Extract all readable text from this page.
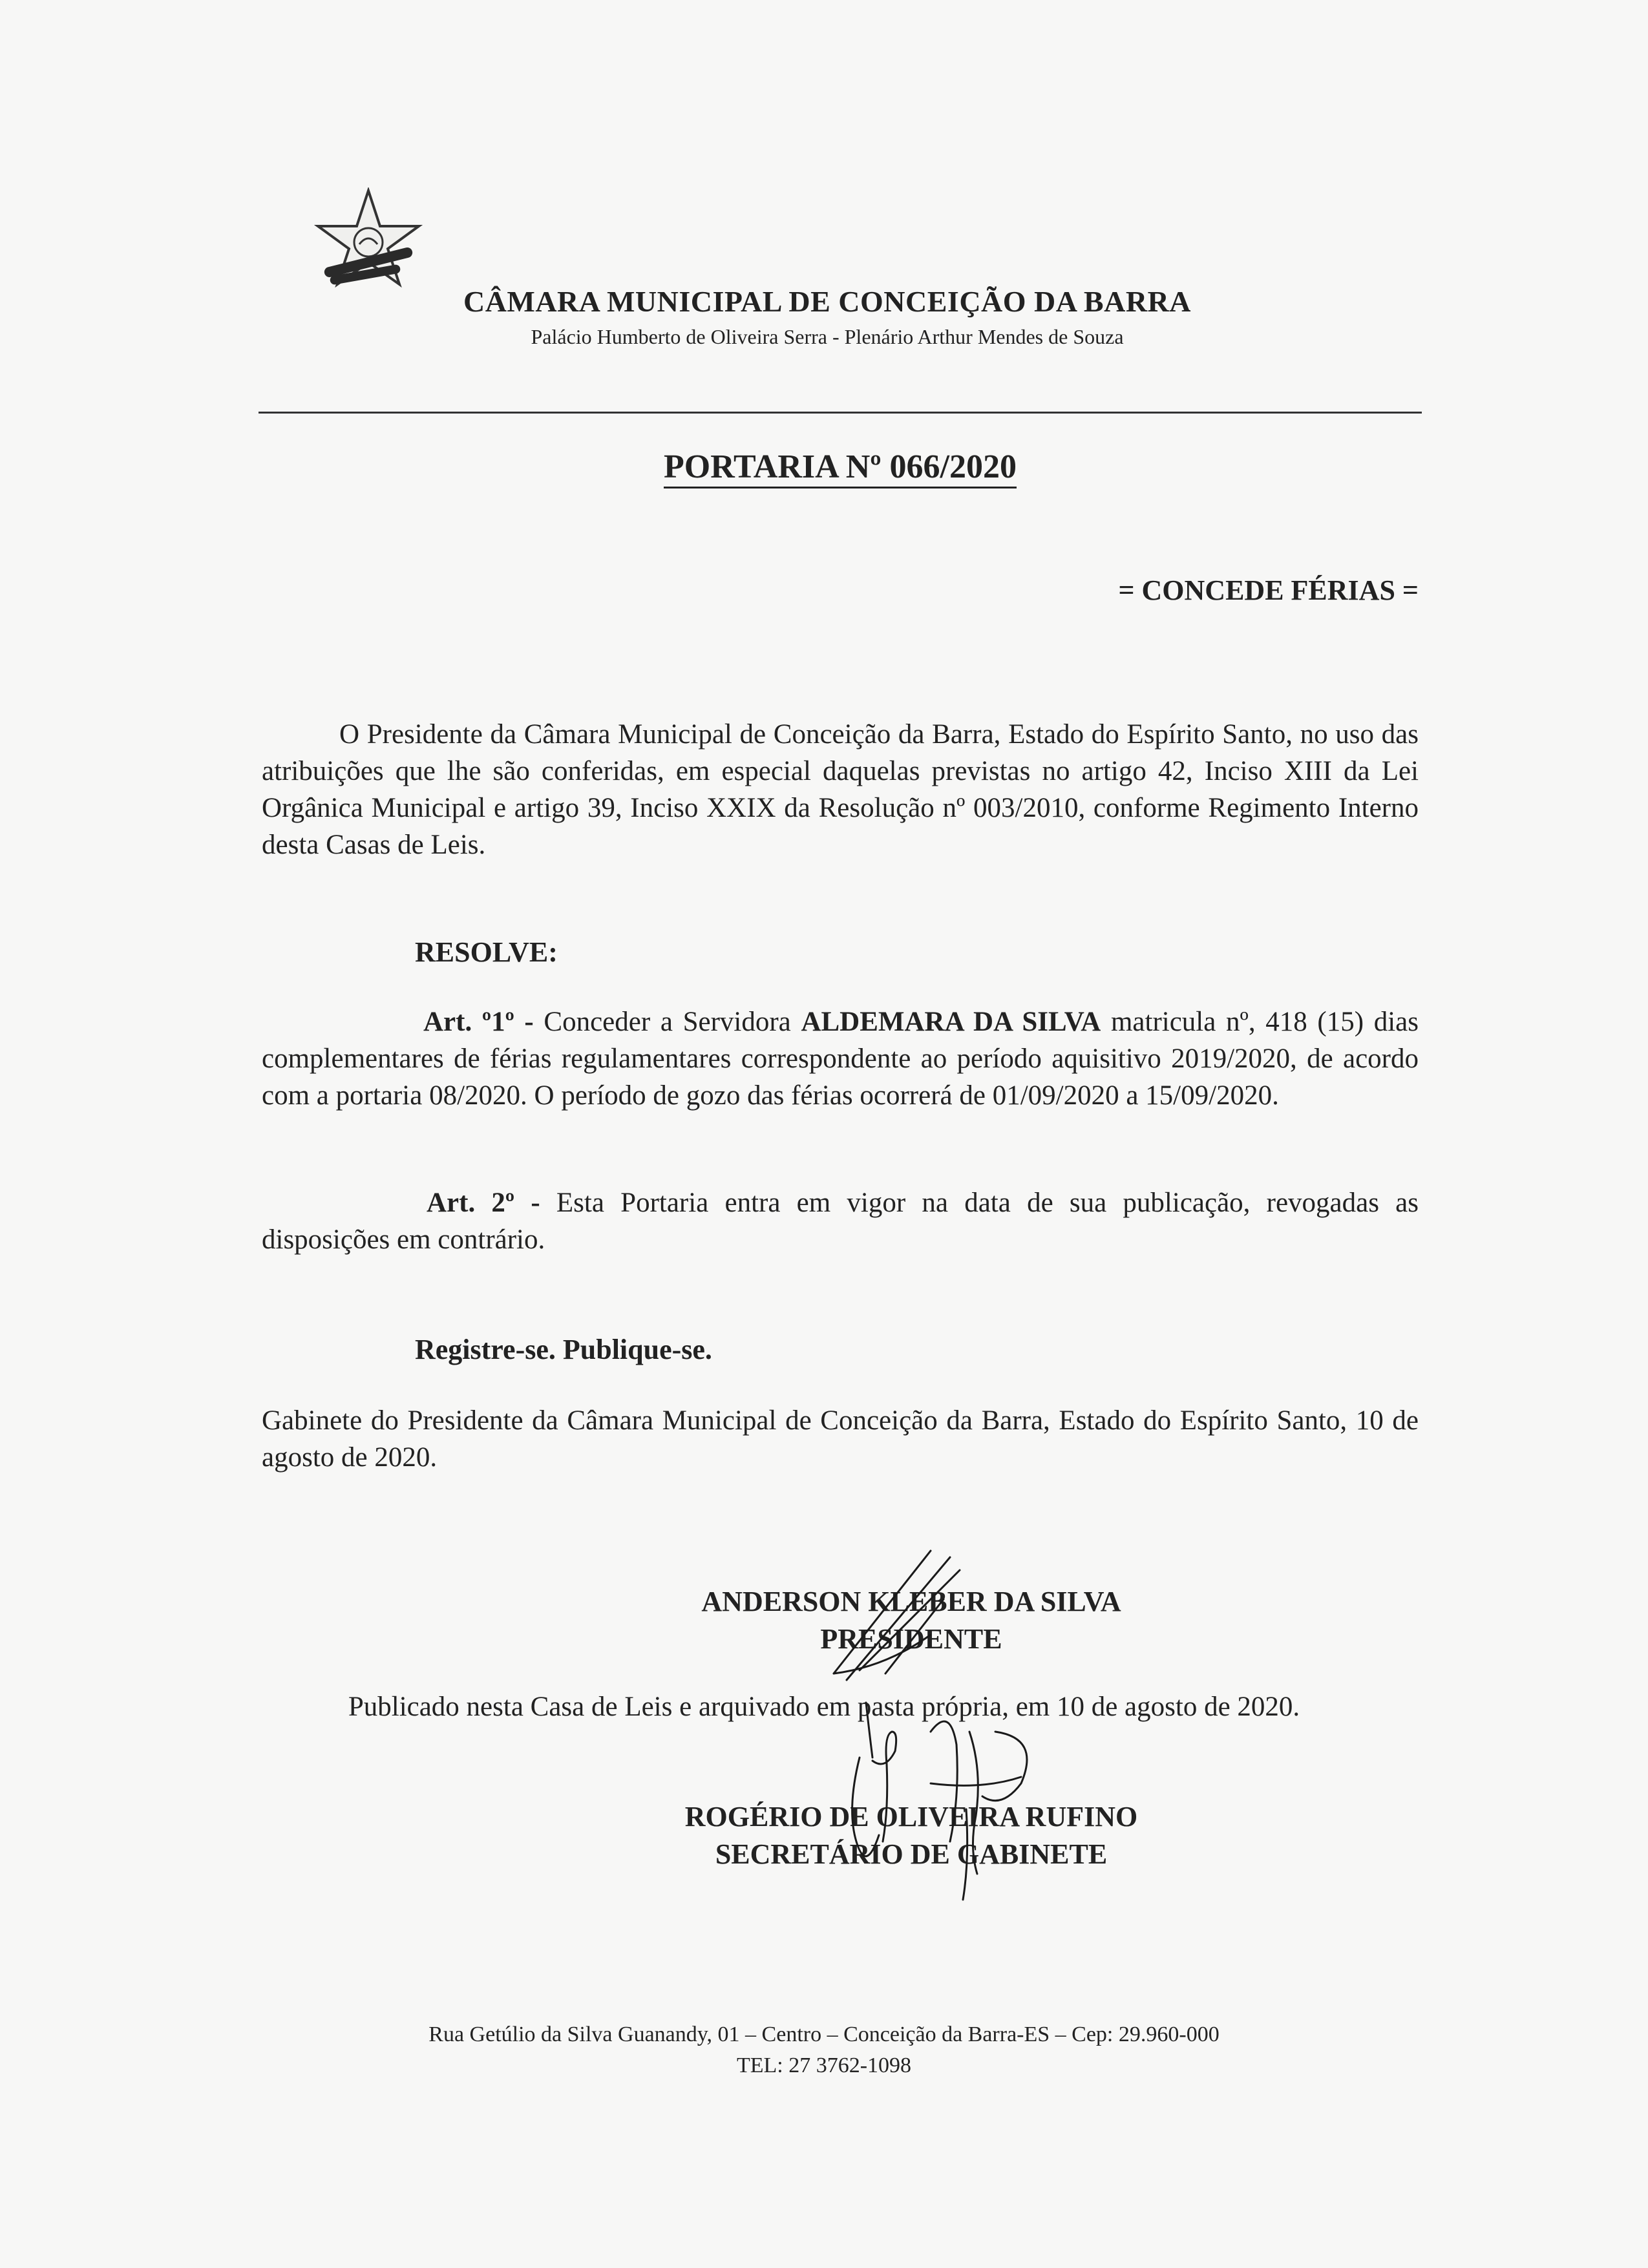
CÂMARA MUNICIPAL DE CONCEIÇÃO DA BARRA
Palácio Humberto de Oliveira Serra - Plenário Arthur Mendes de Souza
PORTARIA Nº 066/2020
= CONCEDE FÉRIAS =
O Presidente da Câmara Municipal de Conceição da Barra, Estado do Espírito Santo, no uso das atribuições que lhe são conferidas, em especial daquelas previstas no artigo 42, Inciso XIII da Lei Orgânica Municipal e artigo 39, Inciso XXIX da Resolução nº 003/2010, conforme Regimento Interno desta Casas de Leis.
RESOLVE:
Art. º1º - Conceder a Servidora ALDEMARA DA SILVA matricula nº, 418 (15) dias complementares de férias regulamentares correspondente ao período aquisitivo 2019/2020, de acordo com a portaria 08/2020. O período de gozo das férias ocorrerá de 01/09/2020 a 15/09/2020.
Art. 2º - Esta Portaria entra em vigor na data de sua publicação, revogadas as disposições em contrário.
Registre-se. Publique-se.
Gabinete do Presidente da Câmara Municipal de Conceição da Barra, Estado do Espírito Santo, 10 de agosto de 2020.
ANDERSON KLEBER DA SILVA
PRESIDENTE
Publicado nesta Casa de Leis e arquivado em pasta própria, em 10 de agosto de 2020.
ROGÉRIO DE OLIVEIRA RUFINO
SECRETÁRIO DE GABINETE
Rua Getúlio da Silva Guanandy, 01 – Centro – Conceição da Barra-ES – Cep: 29.960-000
TEL: 27 3762-1098
